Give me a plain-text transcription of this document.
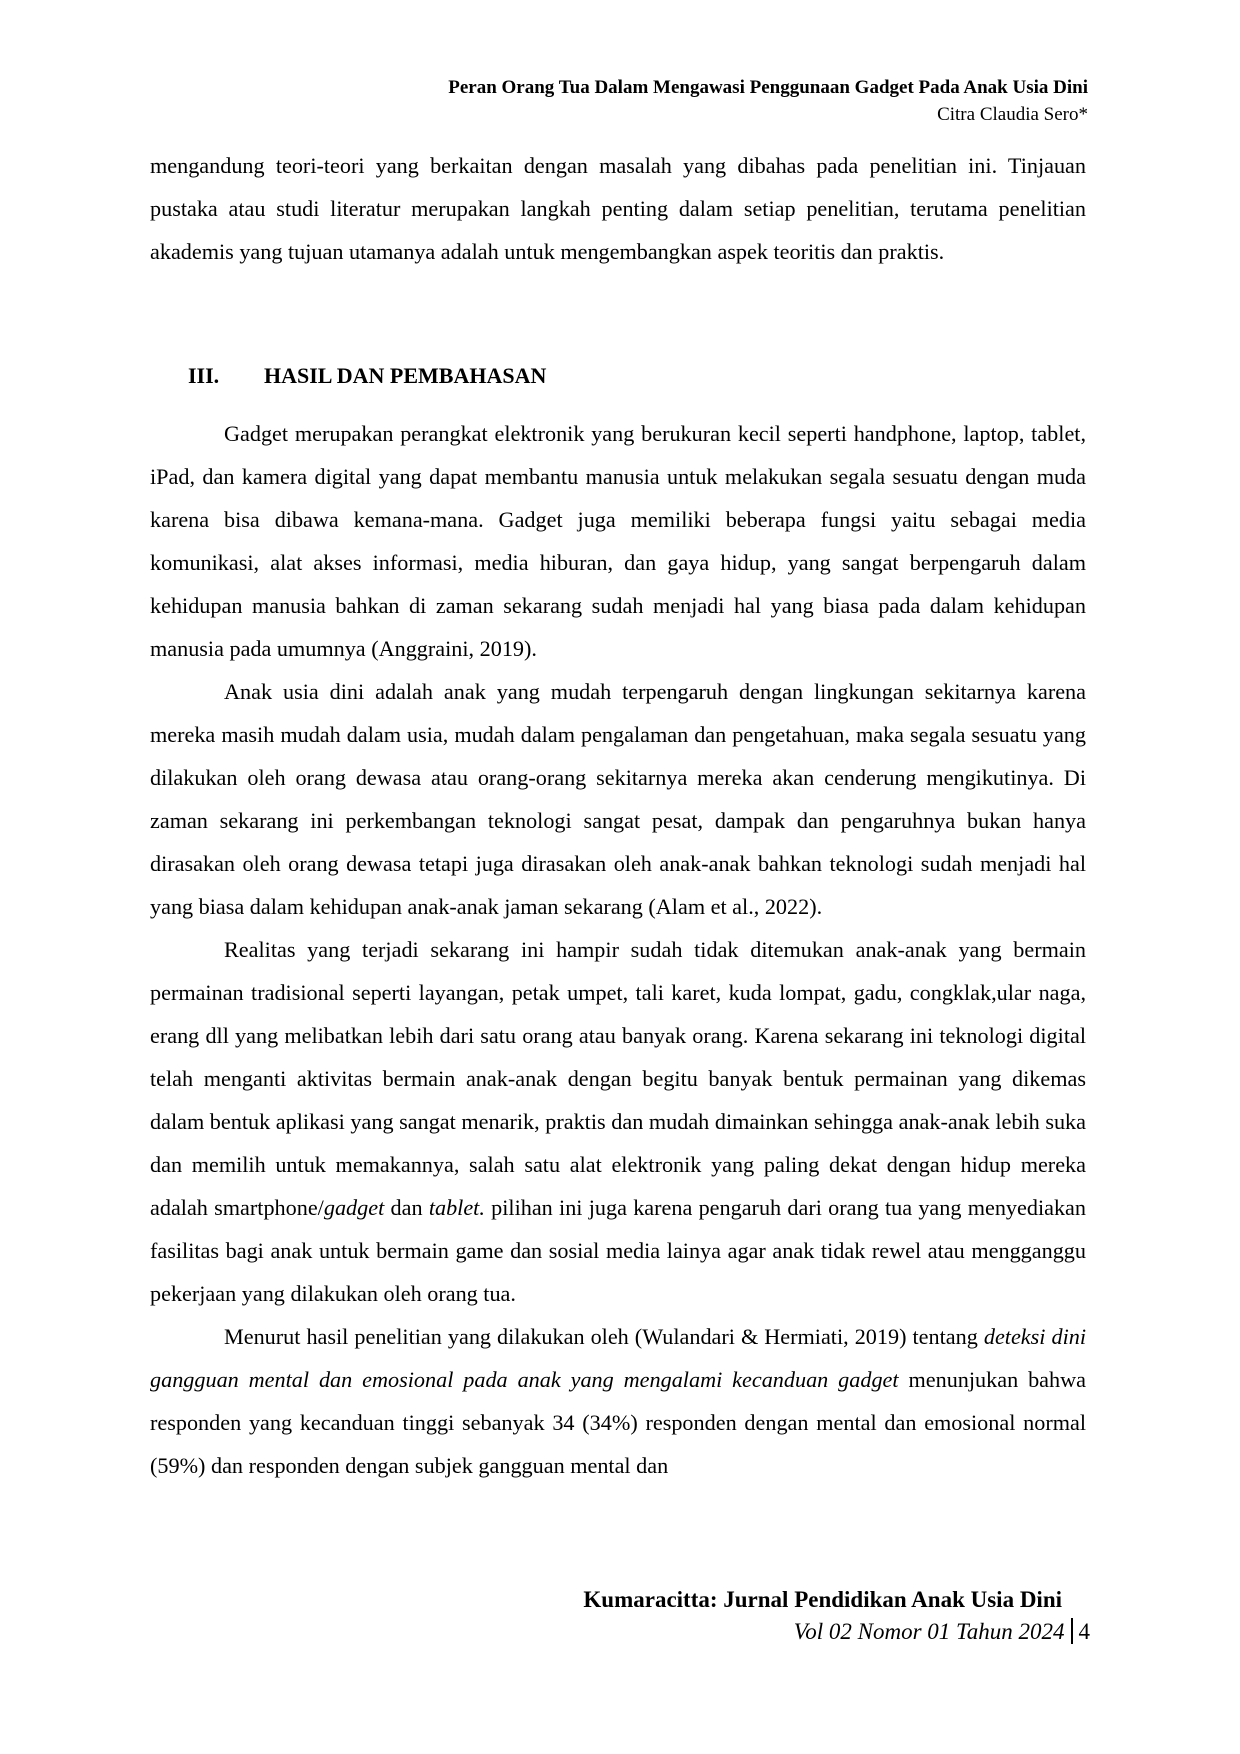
Peran Orang Tua Dalam Mengawasi Penggunaan Gadget Pada Anak Usia Dini
Citra Claudia Sero*

mengandung teori-teori yang berkaitan dengan masalah yang dibahas pada penelitian ini. Tinjauan pustaka atau studi literatur merupakan langkah penting dalam setiap penelitian, terutama penelitian akademis yang tujuan utamanya adalah untuk mengembangkan aspek teoritis dan praktis.

III. HASIL DAN PEMBAHASAN

Gadget merupakan perangkat elektronik yang berukuran kecil seperti handphone, laptop, tablet, iPad, dan kamera digital yang dapat membantu manusia untuk melakukan segala sesuatu dengan muda karena bisa dibawa kemana-mana. Gadget juga memiliki beberapa fungsi yaitu sebagai media komunikasi, alat akses informasi, media hiburan, dan gaya hidup, yang sangat berpengaruh dalam kehidupan manusia bahkan di zaman sekarang sudah menjadi hal yang biasa pada dalam kehidupan manusia pada umumnya (Anggraini, 2019).

Anak usia dini adalah anak yang mudah terpengaruh dengan lingkungan sekitarnya karena mereka masih mudah dalam usia, mudah dalam pengalaman dan pengetahuan, maka segala sesuatu yang dilakukan oleh orang dewasa atau orang-orang sekitarnya mereka akan cenderung mengikutinya. Di zaman sekarang ini perkembangan teknologi sangat pesat, dampak dan pengaruhnya bukan hanya dirasakan oleh orang dewasa tetapi juga dirasakan oleh anak-anak bahkan teknologi sudah menjadi hal yang biasa dalam kehidupan anak-anak jaman sekarang (Alam et al., 2022).

Realitas yang terjadi sekarang ini hampir sudah tidak ditemukan anak-anak yang bermain permainan tradisional seperti layangan, petak umpet, tali karet, kuda lompat, gadu, congklak,ular naga, erang dll yang melibatkan lebih dari satu orang atau banyak orang. Karena sekarang ini teknologi digital telah menganti aktivitas bermain anak-anak dengan begitu banyak bentuk permainan yang dikemas dalam bentuk aplikasi yang sangat menarik, praktis dan mudah dimainkan sehingga anak-anak lebih suka dan memilih untuk memakannya, salah satu alat elektronik yang paling dekat dengan hidup mereka adalah smartphone/gadget dan tablet. pilihan ini juga karena pengaruh dari orang tua yang menyediakan fasilitas bagi anak untuk bermain game dan sosial media lainya agar anak tidak rewel atau mengganggu pekerjaan yang dilakukan oleh orang tua.

Menurut hasil penelitian yang dilakukan oleh (Wulandari & Hermiati, 2019) tentang deteksi dini gangguan mental dan emosional pada anak yang mengalami kecanduan gadget menunjukan bahwa responden yang kecanduan tinggi sebanyak 34 (34%) responden dengan mental dan emosional normal (59%) dan responden dengan subjek gangguan mental dan

Kumaracitta: Jurnal Pendidikan Anak Usia Dini
Vol 02 Nomor 01 Tahun 2024 4
